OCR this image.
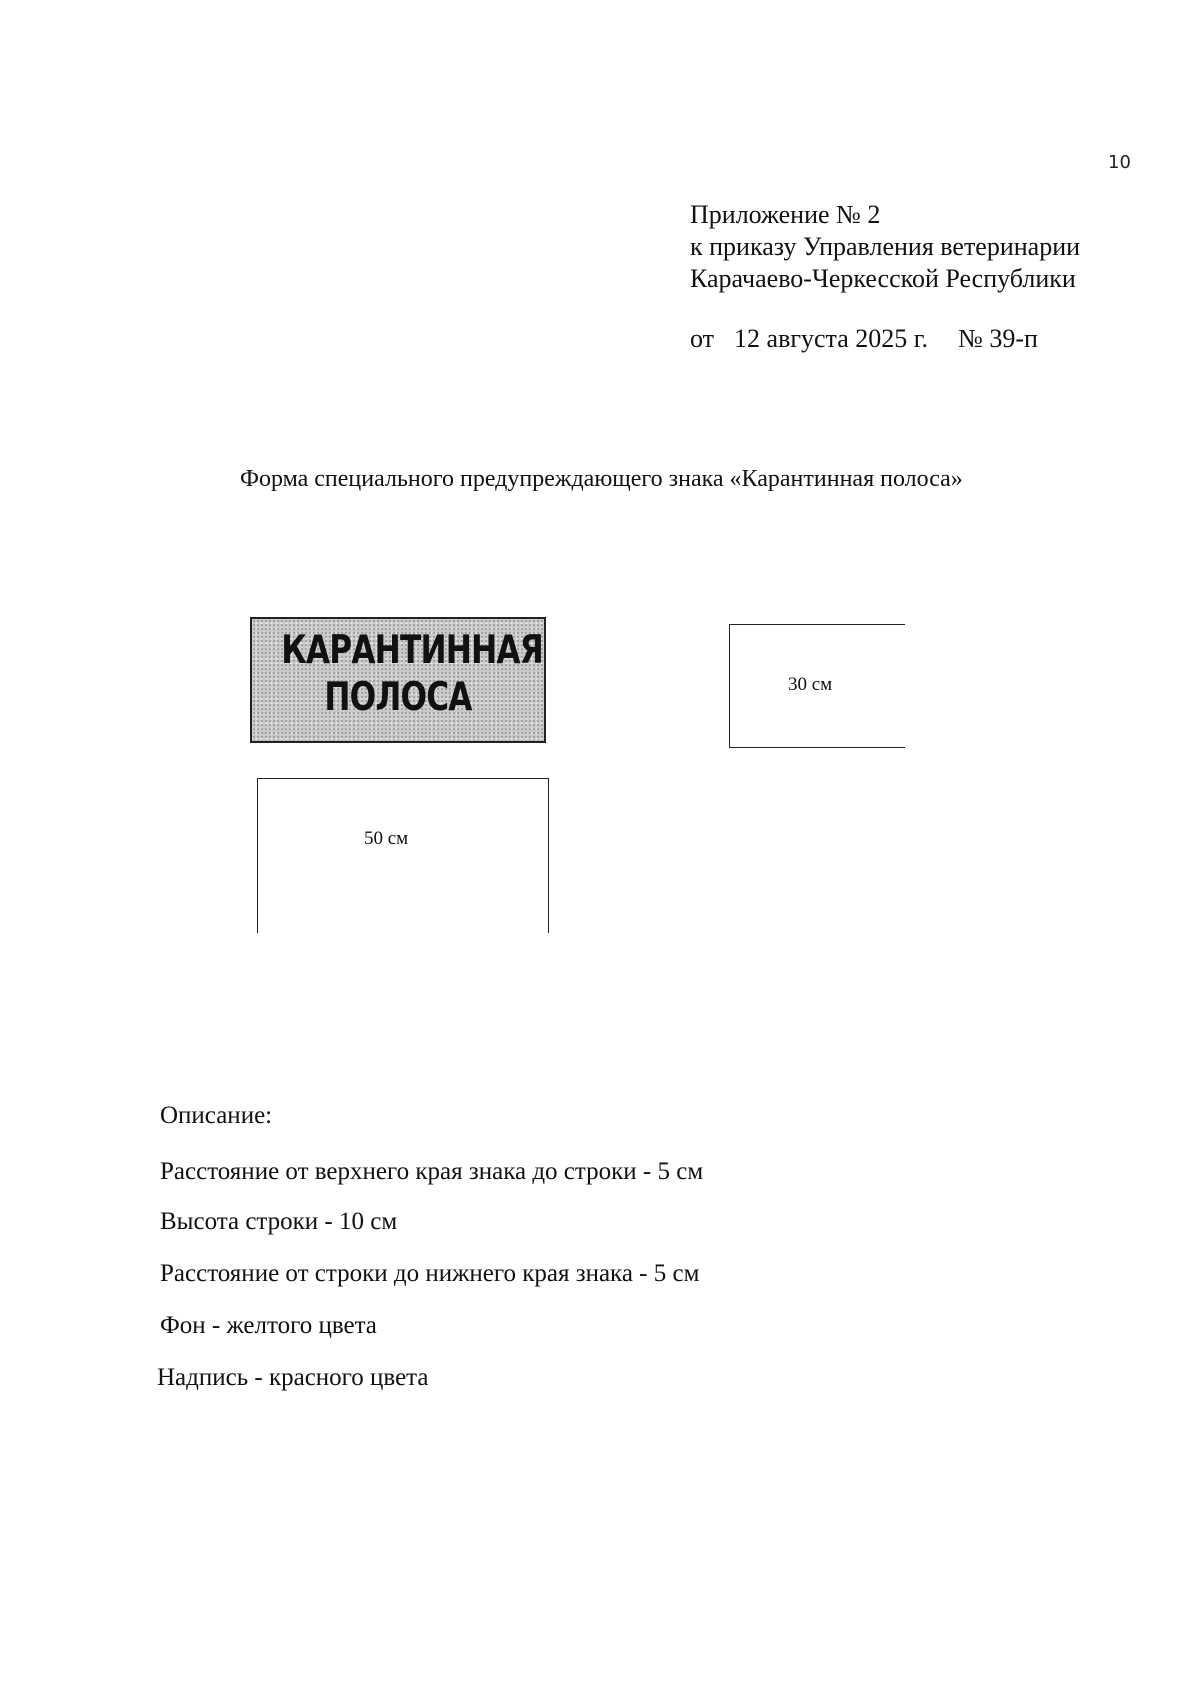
10
Приложение № 2
к приказу Управления ветеринарии
Карачаево-Черкесской Республики
от 12 августа 2025 г. № 39-п
Форма специального предупреждающего знака «Карантинная полоса»
КАРАНТИННАЯ
ПОЛОСА	30 см
50 см
Описание:
Расстояние от верхнего края знака до строки - 5 см
Высота строки - 10 см
Расстояние от строки до нижнего края знака - 5 см
Фон - желтого цвета
Надпись - красного цвета
